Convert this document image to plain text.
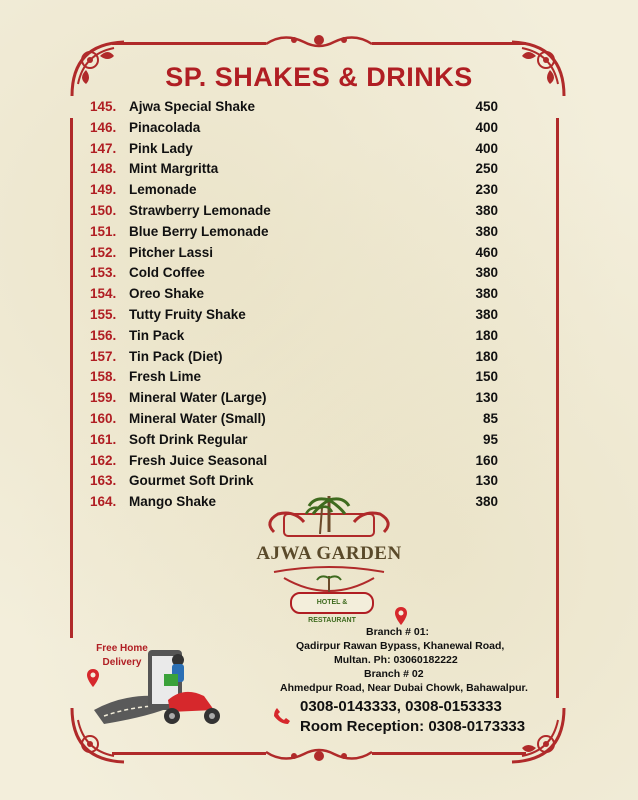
SP. SHAKES & DRINKS
145. Ajwa Special Shake	450
146. Pinacolada	400
147. Pink Lady	400
148. Mint Margritta	250
149. Lemonade	230
150. Strawberry Lemonade	380
151. Blue Berry Lemonade	380
152. Pitcher Lassi	460
153. Cold Coffee	380
154. Oreo Shake	380
155. Tutty Fruity Shake	380
156. Tin Pack	180
157. Tin Pack (Diet)	180
158. Fresh Lime	150
159. Mineral Water (Large)	130
160. Mineral Water (Small)	85
161. Soft Drink Regular	95
162. Fresh Juice Seasonal	160
163. Gourmet Soft Drink	130
164. Mango Shake	380
AJWA GARDEN
HOTEL & RESTAURANT
Free Home
Delivery
Branch # 01:
Qadirpur Rawan Bypass, Khanewal Road,
Multan. Ph: 03060182222
Branch # 02
Ahmedpur Road, Near Dubai Chowk, Bahawalpur.
0308-0143333, 0308-0153333
Room Reception: 0308-0173333
